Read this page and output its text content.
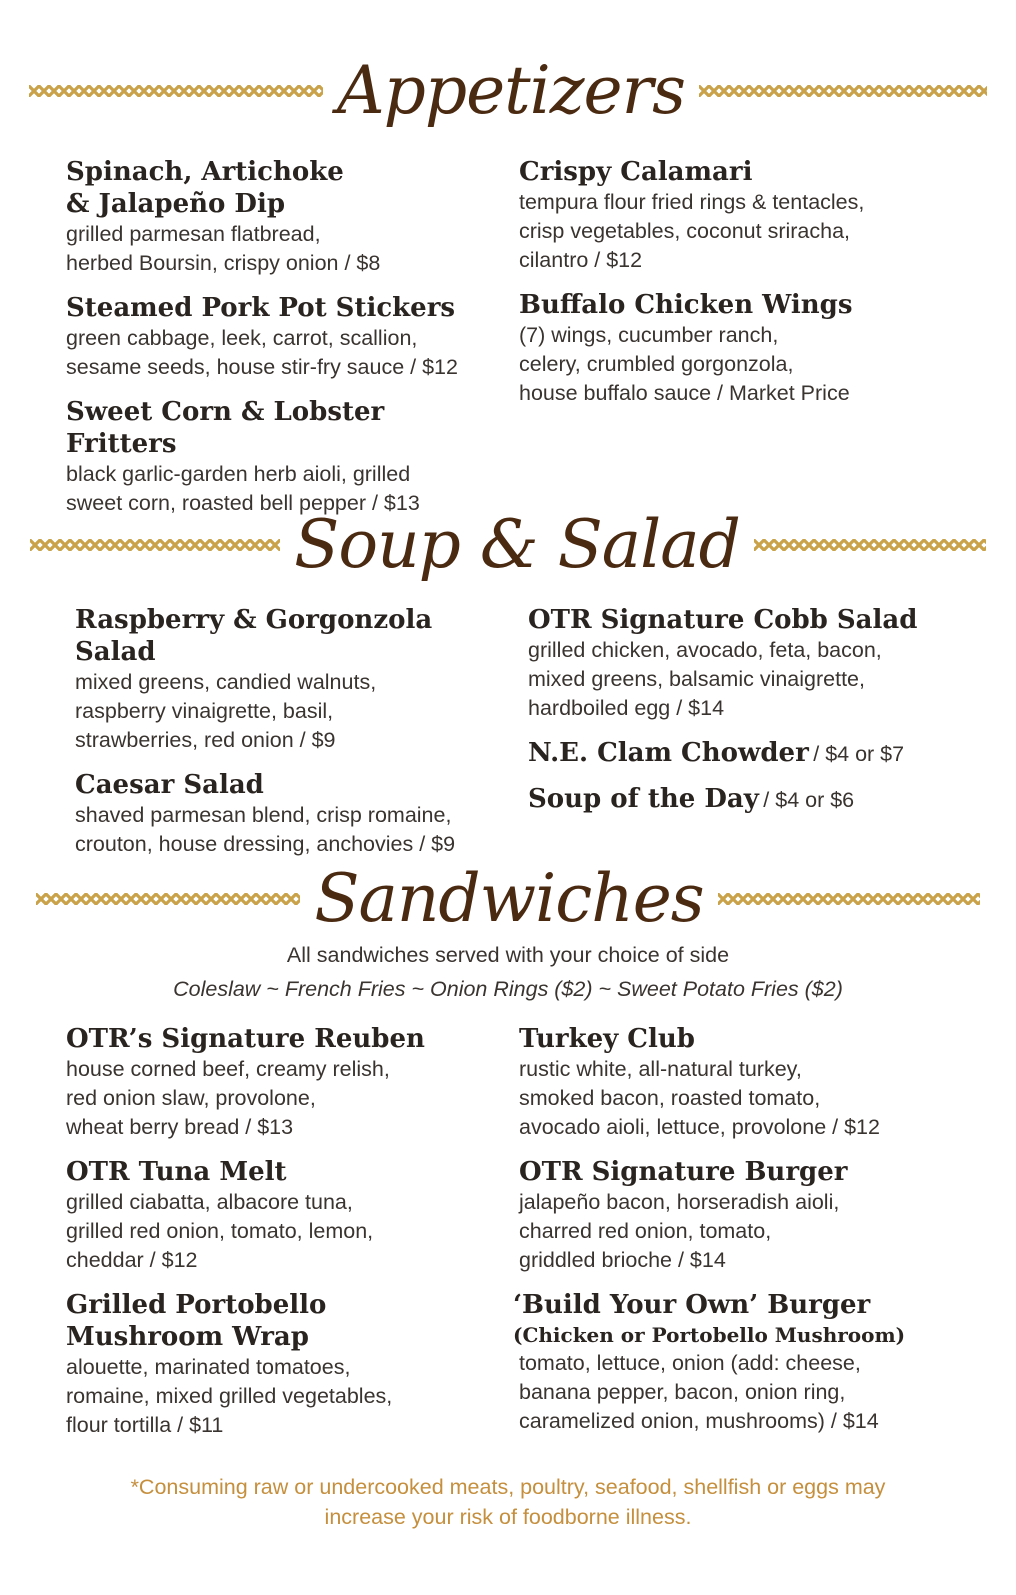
Appetizers
Spinach, Artichoke
& Jalapeño Dip
grilled parmesan flatbread,
herbed Boursin, crispy onion / $8
Steamed Pork Pot Stickers
green cabbage, leek, carrot, scallion,
sesame seeds, house stir-fry sauce / $12
Sweet Corn & Lobster Fritters
black garlic-garden herb aioli, grilled
sweet corn, roasted bell pepper / $13
Crispy Calamari
tempura flour fried rings & tentacles,
crisp vegetables, coconut sriracha,
cilantro / $12
Buffalo Chicken Wings
(7) wings, cucumber ranch,
celery, crumbled gorgonzola,
house buffalo sauce / Market Price
Soup & Salad
Raspberry & Gorgonzola Salad
mixed greens, candied walnuts,
raspberry vinaigrette, basil,
strawberries, red onion / $9
Caesar Salad
shaved parmesan blend, crisp romaine,
crouton, house dressing, anchovies / $9
OTR Signature Cobb Salad
grilled chicken, avocado, feta, bacon,
mixed greens, balsamic vinaigrette,
hardboiled egg / $14
N.E. Clam Chowder / $4 or $7
Soup of the Day / $4 or $6
Sandwiches
All sandwiches served with your choice of side
Coleslaw ~ French Fries ~ Onion Rings ($2) ~ Sweet Potato Fries ($2)
OTR’s Signature Reuben
house corned beef, creamy relish,
red onion slaw, provolone,
wheat berry bread / $13
OTR Tuna Melt
grilled ciabatta, albacore tuna,
grilled red onion, tomato, lemon,
cheddar / $12
Grilled Portobello
Mushroom Wrap
alouette, marinated tomatoes,
romaine, mixed grilled vegetables,
flour tortilla / $11
Turkey Club
rustic white, all-natural turkey,
smoked bacon, roasted tomato,
avocado aioli, lettuce, provolone / $12
OTR Signature Burger
jalapeño bacon, horseradish aioli,
charred red onion, tomato,
griddled brioche / $14
‘Build Your Own’ Burger
(Chicken or Portobello Mushroom)
tomato, lettuce, onion (add: cheese,
banana pepper, bacon, onion ring,
caramelized onion, mushrooms) / $14
*Consuming raw or undercooked meats, poultry, seafood, shellfish or eggs may
increase your risk of foodborne illness.
